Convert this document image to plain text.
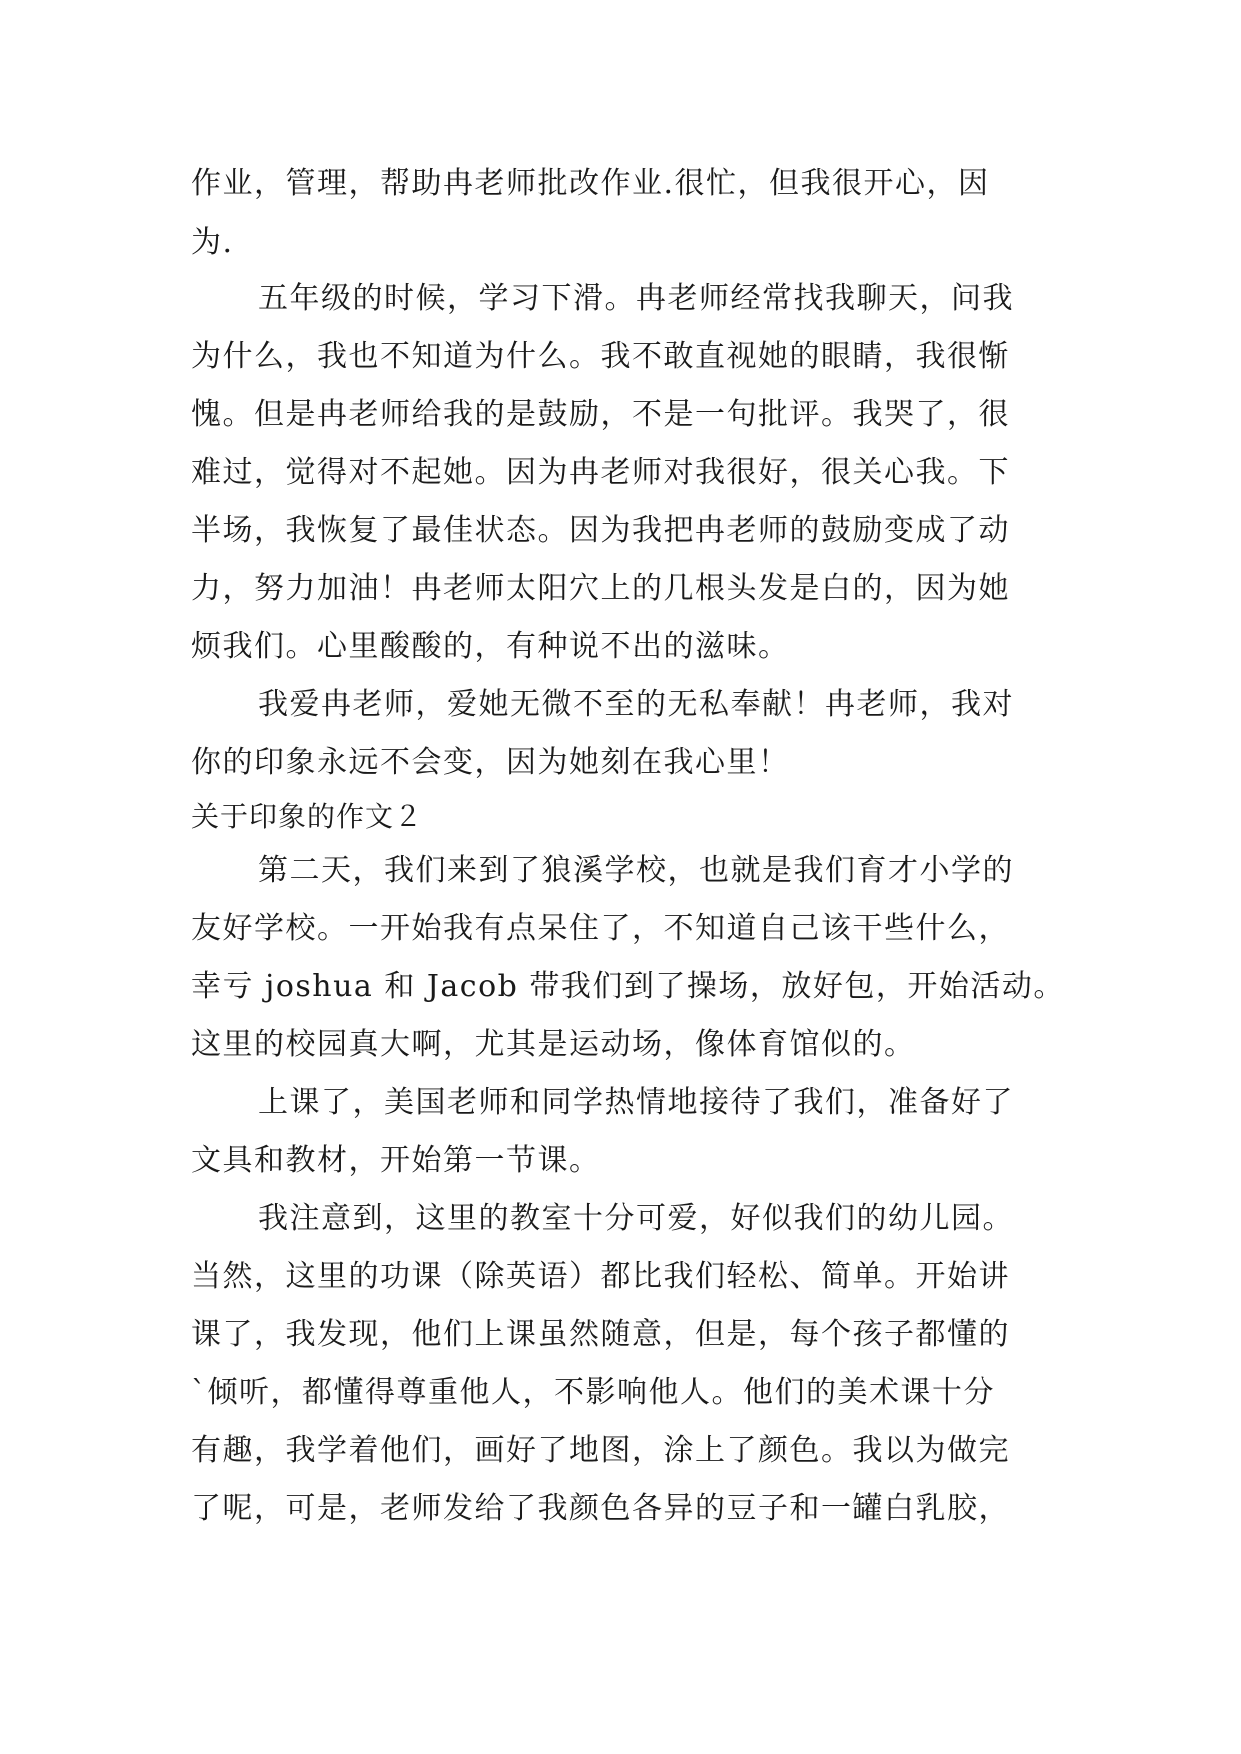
作业，管理，帮助冉老师批改作业.很忙，但我很开心，因
为.
五年级的时候，学习下滑。冉老师经常找我聊天，问我
为什么，我也不知道为什么。我不敢直视她的眼睛，我很惭
愧。但是冉老师给我的是鼓励，不是一句批评。我哭了，很
难过，觉得对不起她。因为冉老师对我很好，很关心我。下
半场，我恢复了最佳状态。因为我把冉老师的鼓励变成了动
力，努力加油！冉老师太阳穴上的几根头发是白的，因为她
烦我们。心里酸酸的，有种说不出的滋味。
我爱冉老师，爱她无微不至的无私奉献！冉老师，我对
你的印象永远不会变，因为她刻在我心里！
关于印象的作文２
第二天，我们来到了狼溪学校，也就是我们育才小学的
友好学校。一开始我有点呆住了，不知道自己该干些什么，
幸亏 joshua 和 Jacob 带我们到了操场，放好包，开始活动。
这里的校园真大啊，尤其是运动场，像体育馆似的。
上课了，美国老师和同学热情地接待了我们，准备好了
文具和教材，开始第一节课。
我注意到，这里的教室十分可爱，好似我们的幼儿园。
当然，这里的功课（除英语）都比我们轻松、简单。开始讲
课了，我发现，他们上课虽然随意，但是，每个孩子都懂的
`倾听，都懂得尊重他人，不影响他人。他们的美术课十分
有趣，我学着他们，画好了地图，涂上了颜色。我以为做完
了呢，可是，老师发给了我颜色各异的豆子和一罐白乳胶，
